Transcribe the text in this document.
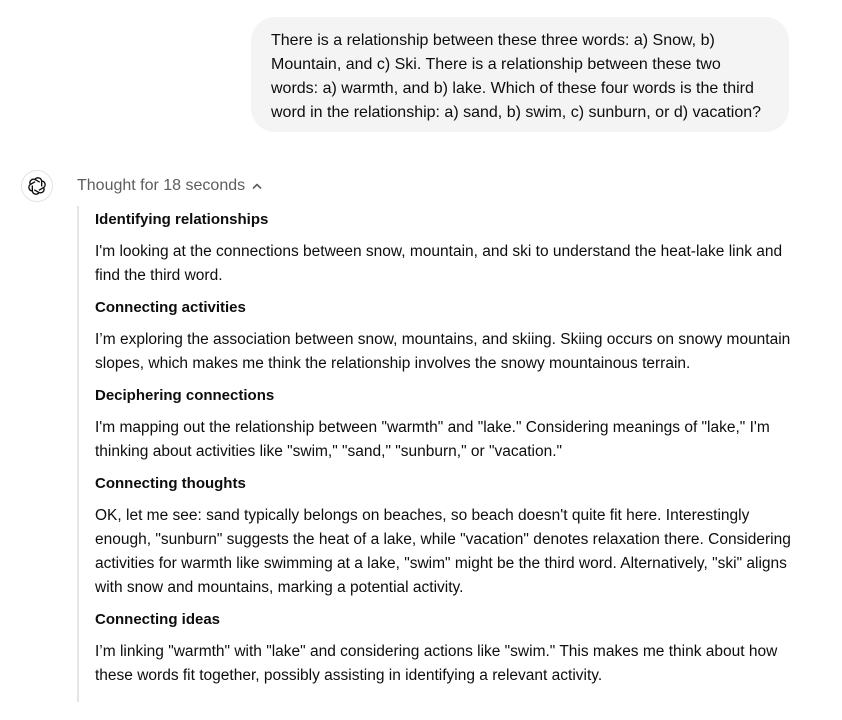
There is a relationship between these three words: a) Snow, b) Mountain, and c) Ski. There is a relationship between these two words: a) warmth, and b) lake. Which of these four words is the third word in the relationship: a) sand, b) swim, c) sunburn, or d) vacation?
Thought for 18 seconds
Identifying relationships
I'm looking at the connections between snow, mountain, and ski to understand the heat-lake link and find the third word.
Connecting activities
I’m exploring the association between snow, mountains, and skiing. Skiing occurs on snowy mountain slopes, which makes me think the relationship involves the snowy mountainous terrain.
Deciphering connections
I'm mapping out the relationship between "warmth" and "lake." Considering meanings of "lake," I'm thinking about activities like "swim," "sand," "sunburn," or "vacation."
Connecting thoughts
OK, let me see: sand typically belongs on beaches, so beach doesn't quite fit here. Interestingly enough, "sunburn" suggests the heat of a lake, while "vacation" denotes relaxation there. Considering activities for warmth like swimming at a lake, "swim" might be the third word. Alternatively, "ski" aligns with snow and mountains, marking a potential activity.
Connecting ideas
I’m linking "warmth" with "lake" and considering actions like "swim." This makes me think about how these words fit together, possibly assisting in identifying a relevant activity.
